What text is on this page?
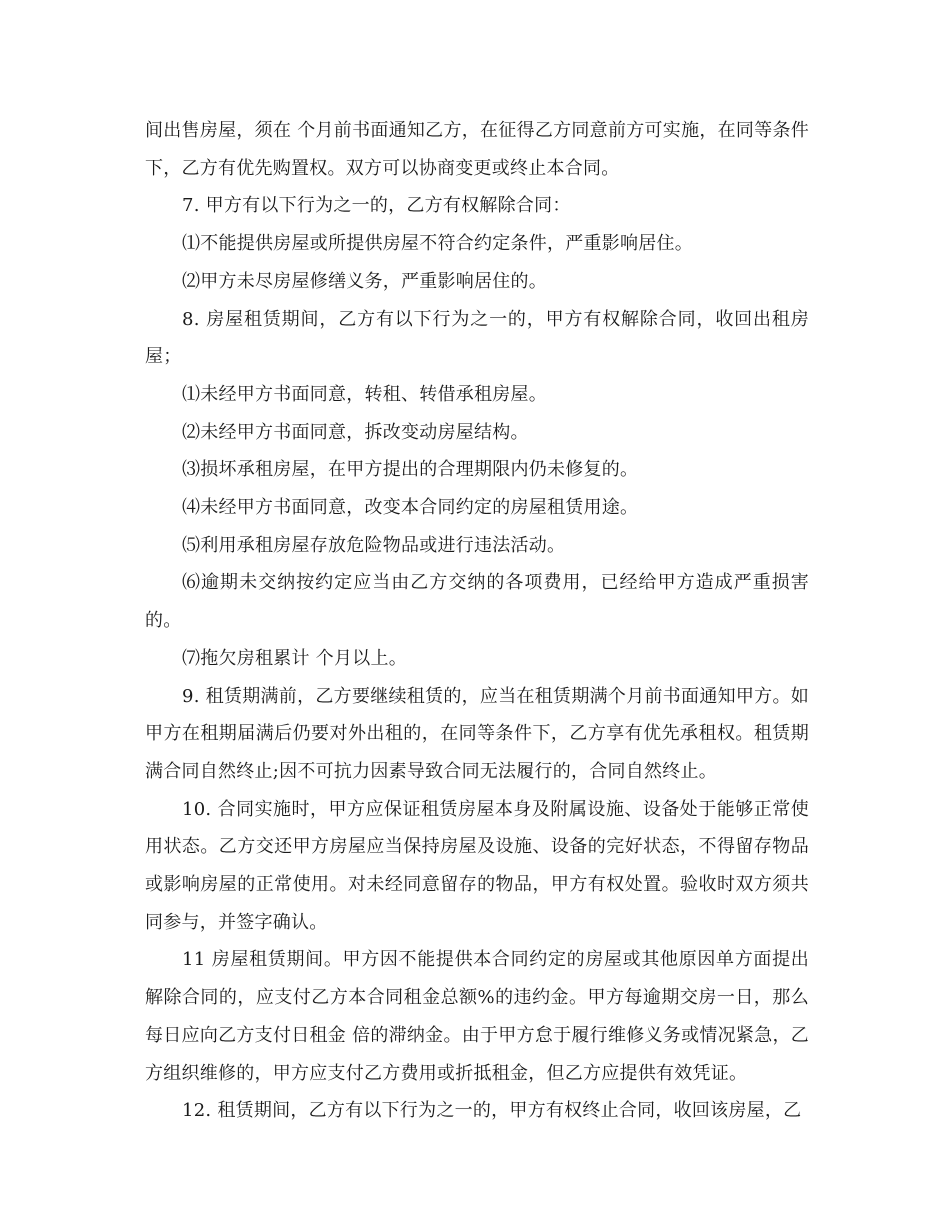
间出售房屋，须在 个月前书面通知乙方，在征得乙方同意前方可实施，在同等条件下，乙方有优先购置权。双方可以协商变更或终止本合同。

7. 甲方有以下行为之一的，乙方有权解除合同：

⑴不能提供房屋或所提供房屋不符合约定条件，严重影响居住。

⑵甲方未尽房屋修缮义务，严重影响居住的。

8. 房屋租赁期间，乙方有以下行为之一的，甲方有权解除合同，收回出租房屋；

⑴未经甲方书面同意，转租、转借承租房屋。

⑵未经甲方书面同意，拆改变动房屋结构。

⑶损坏承租房屋，在甲方提出的合理期限内仍未修复的。

⑷未经甲方书面同意，改变本合同约定的房屋租赁用途。

⑸利用承租房屋存放危险物品或进行违法活动。

⑹逾期未交纳按约定应当由乙方交纳的各项费用，已经给甲方造成严重损害的。

⑺拖欠房租累计 个月以上。

9. 租赁期满前，乙方要继续租赁的，应当在租赁期满个月前书面通知甲方。如甲方在租期届满后仍要对外出租的，在同等条件下，乙方享有优先承租权。租赁期满合同自然终止;因不可抗力因素导致合同无法履行的，合同自然终止。

10. 合同实施时，甲方应保证租赁房屋本身及附属设施、设备处于能够正常使用状态。乙方交还甲方房屋应当保持房屋及设施、设备的完好状态，不得留存物品或影响房屋的正常使用。对未经同意留存的物品，甲方有权处置。验收时双方须共同参与，并签字确认。

11 房屋租赁期间。甲方因不能提供本合同约定的房屋或其他原因单方面提出解除合同的，应支付乙方本合同租金总额%的违约金。甲方每逾期交房一日，那么每日应向乙方支付日租金 倍的滞纳金。由于甲方怠于履行维修义务或情况紧急，乙方组织维修的，甲方应支付乙方费用或折抵租金，但乙方应提供有效凭证。

12. 租赁期间，乙方有以下行为之一的，甲方有权终止合同，收回该房屋，乙
